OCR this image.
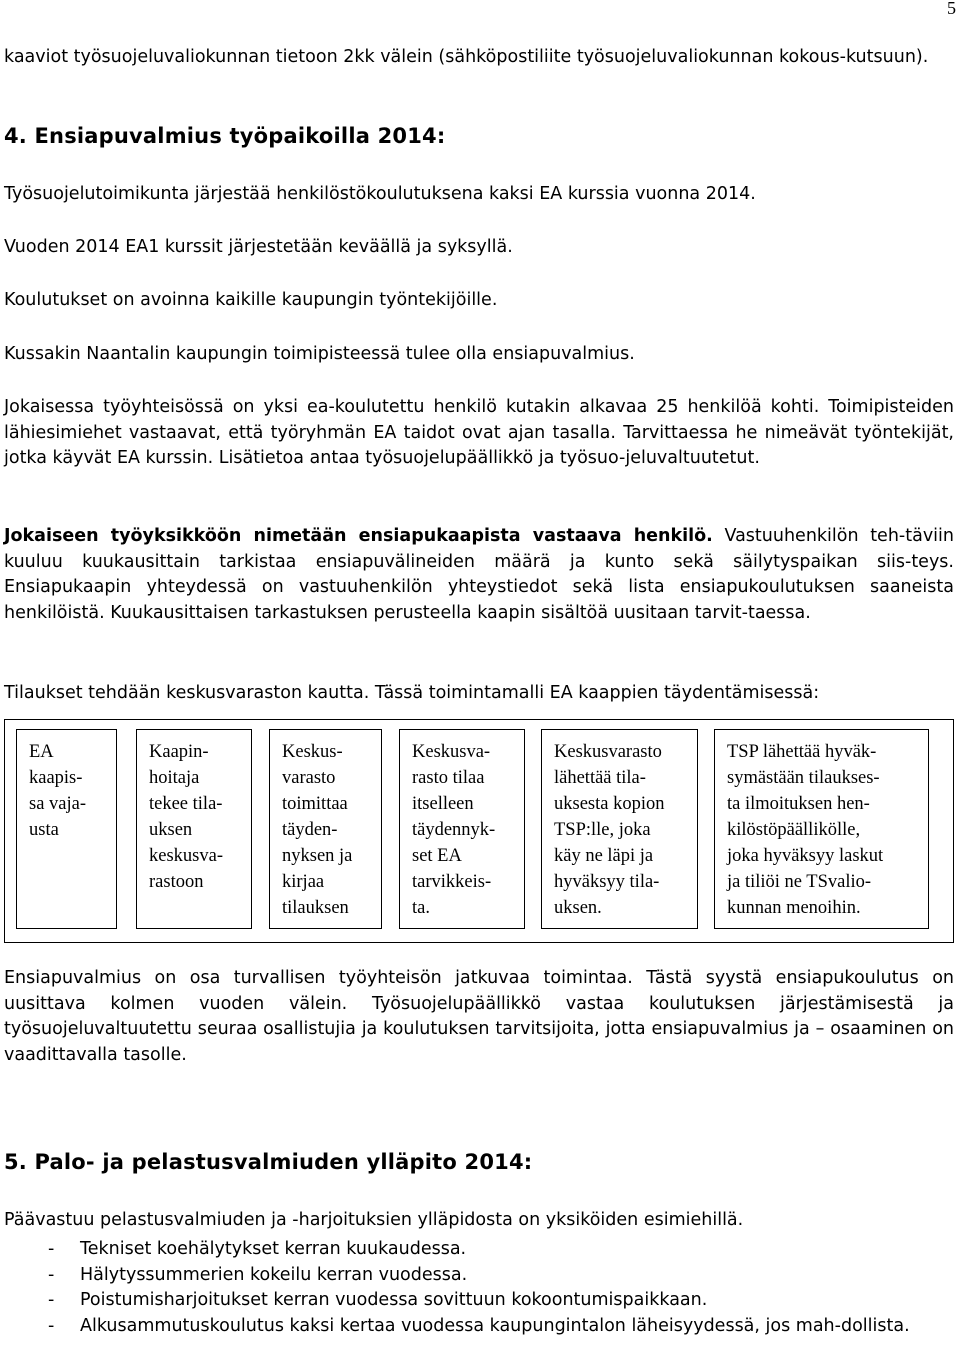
5

kaaviot työsuojeluvaliokunnan tietoon 2kk välein (sähköpostiliite työsuojeluvaliokunnan kokous-kutsuun).

4. Ensiapuvalmius työpaikoilla 2014:

Työsuojelutoimikunta järjestää henkilöstökoulutuksena kaksi EA kurssia vuonna 2014.

Vuoden 2014 EA1 kurssit järjestetään keväällä ja syksyllä.

Koulutukset on avoinna kaikille kaupungin työntekijöille.

Kussakin Naantalin kaupungin toimipisteessä tulee olla ensiapuvalmius.

Jokaisessa työyhteisössä on yksi ea-koulutettu henkilö kutakin alkavaa 25 henkilöä kohti. Toimipisteiden lähiesimiehet vastaavat, että työryhmän EA taidot ovat ajan tasalla. Tarvittaessa he nimeävät työntekijät, jotka käyvät EA kurssin. Lisätietoa antaa työsuojelupäällikkö ja työsuo-jeluvaltuutetut.

Jokaiseen työyksikköön nimetään ensiapukaapista vastaava henkilö. Vastuuhenkilön teh-täviin kuuluu kuukausittain tarkistaa ensiapuvälineiden määrä ja kunto sekä säilytyspaikan siis-teys. Ensiapukaapin yhteydessä on vastuuhenkilön yhteystiedot sekä lista ensiapukoulutuksen saaneista henkilöistä. Kuukausittaisen tarkastuksen perusteella kaapin sisältöä uusitaan tarvit-taessa.

Tilaukset tehdään keskusvaraston kautta. Tässä toimintamalli EA kaappien täydentämisessä:

EA
kaapis-
sa vaja-
usta
Kaapin-
hoitaja
tekee tila-
uksen
keskusva-
rastoon
Keskus-
varasto
toimittaa
täyden-
nyksen ja
kirjaa
tilauksen
Keskusva-
rasto tilaa
itselleen
täydennyk-
set EA
tarvikkeis-
ta.
Keskusvarasto
lähettää tila-
uksesta kopion
TSP:lle, joka
käy ne läpi ja
hyväksyy tila-
uksen.
TSP lähettää hyväk-
symästään tilaukses-
ta ilmoituksen hen-
kilöstöpäällikölle,
joka hyväksyy laskut
ja tiliöi ne TSvalio-
kunnan menoihin.

Ensiapuvalmius on osa turvallisen työyhteisön jatkuvaa toimintaa. Tästä syystä ensiapukoulutus on uusittava kolmen vuoden välein. Työsuojelupäällikkö vastaa koulutuksen järjestämisestä ja työsuojeluvaltuutettu seuraa osallistujia ja koulutuksen tarvitsijoita, jotta ensiapuvalmius ja – osaaminen on vaadittavalla tasolle.

5. Palo- ja pelastusvalmiuden ylläpito 2014:

Päävastuu pelastusvalmiuden ja -harjoituksien ylläpidosta on yksiköiden esimiehillä.

- Tekniset koehälytykset kerran kuukaudessa.
- Hälytyssummerien kokeilu kerran vuodessa.
- Poistumisharjoitukset kerran vuodessa sovittuun kokoontumispaikkaan.
- Alkusammutuskoulutus kaksi kertaa vuodessa kaupungintalon läheisyydessä, jos mah-dollista.
